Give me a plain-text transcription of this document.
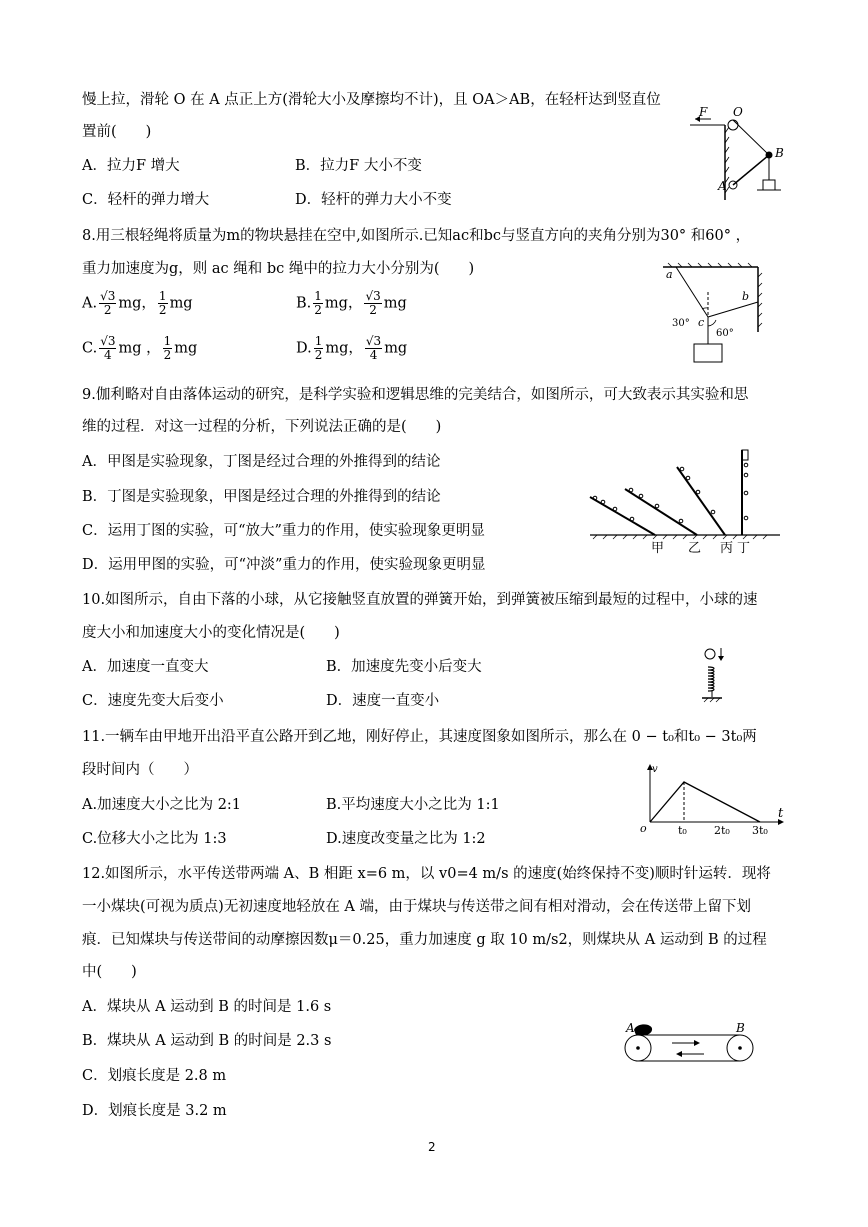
慢上拉，滑轮 O 在 A 点正上方(滑轮大小及摩擦均不计)，且 OA＞AB，在轻杆达到竖直位
置前(　　)
A．拉力F 增大	B．拉力F 大小不变
C．轻杆的弹力增大	D．轻杆的弹力大小不变
F O
A
B
8.用三根轻绳将质量为m的物块悬挂在空中,如图所示.已知ac和bc与竖直方向的夹角分别为30° 和60° ，
重力加速度为g，则 ac 绳和 bc 绳中的拉力大小分别为(　　)
A. $\frac{√3}{2}$ mg， $\frac{1}{2}$ mg	B. $\frac{1}{2}$ mg， $\frac{√3}{2}$ mg
C. $\frac{√3}{4}$ mg ， $\frac{1}{2}$ mg	D. $\frac{1}{2}$ mg， $\frac{√3}{4}$ mg
a
b
c
30°
60°
9.伽利略对自由落体运动的研究，是科学实验和逻辑思维的完美结合，如图所示，可大致表示其实验和思
维的过程．对这一过程的分析，下列说法正确的是(　　)
A．甲图是实验现象，丁图是经过合理的外推得到的结论
B．丁图是实验现象，甲图是经过合理的外推得到的结论
C．运用丁图的实验，可“放大”重力的作用，使实验现象更明显
D．运用甲图的实验，可“冲淡”重力的作用，使实验现象更明显
甲 乙 丙 丁
10.如图所示，自由下落的小球，从它接触竖直放置的弹簧开始，到弹簧被压缩到最短的过程中，小球的速
度大小和加速度大小的变化情况是(　　)
A．加速度一直变大	B．加速度先变小后变大
C．速度先变大后变小	D．速度一直变小
11.一辆车由甲地开出沿平直公路开到乙地，刚好停止，其速度图象如图所示，那么在 0 − t₀和t₀ − 3t₀两
段时间内（　　）
A.加速度大小之比为 2:1	B.平均速度大小之比为 1:1
C.位移大小之比为 1:3	D.速度改变量之比为 1:2
v
t
o	t₀ 2t₀ 3t₀
12.如图所示，水平传送带两端 A、B 相距 x=6 m，以 v0=4 m/s 的速度(始终保持不变)顺时针运转．现将
一小煤块(可视为质点)无初速度地轻放在 A 端，由于煤块与传送带之间有相对滑动，会在传送带上留下划
痕．已知煤块与传送带间的动摩擦因数μ＝0.25，重力加速度 g 取 10 m/s2，则煤块从 A 运动到 B 的过程
中(　　)
A．煤块从 A 运动到 B 的时间是 1.6 s
B．煤块从 A 运动到 B 的时间是 2.3 s
C．划痕长度是 2.8 m
D．划痕长度是 3.2 m
A	B
2
